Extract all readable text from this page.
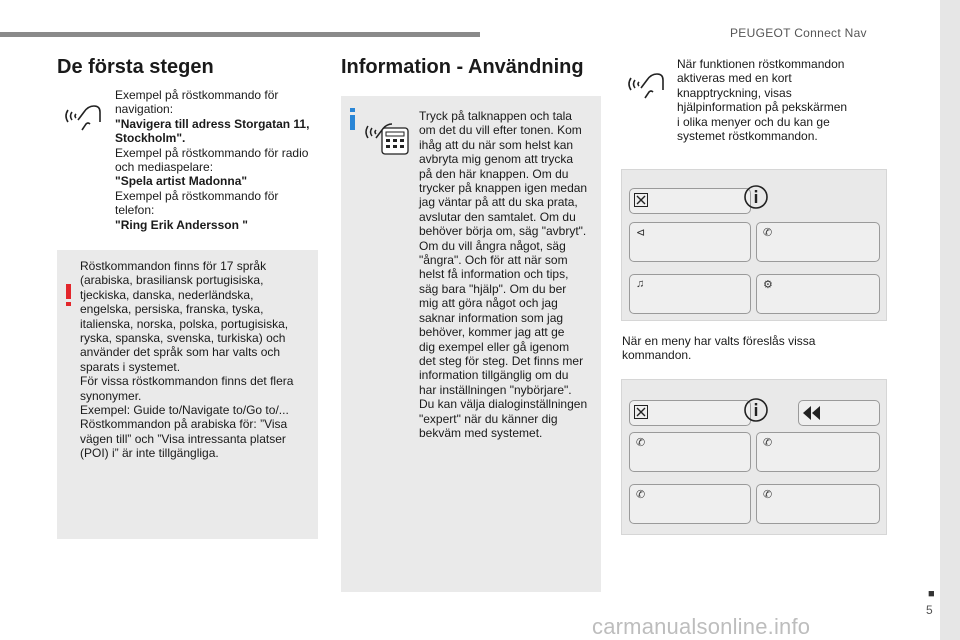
PEUGEOT Connect Nav
■
5
carmanualsonline.info
De första stegen
Exempel på röstkommando för navigation:
"Navigera till adress Storgatan 11, Stockholm".
Exempel på röstkommando för radio och mediaspelare:
"Spela artist Madonna"
Exempel på röstkommando för telefon:
"Ring Erik Andersson "
Röstkommandon finns för 17 språk
(arabiska, brasiliansk portugisiska,
tjeckiska, danska, nederländska,
engelska, persiska, franska, tyska,
italienska, norska, polska, portugisiska,
ryska, spanska, svenska, turkiska) och
använder det språk som har valts och
sparats i systemet.
För vissa röstkommandon finns det flera
synonymer.
Exempel: Guide to/Navigate to/Go to/...
Röstkommandon på arabiska för: ”Visa
vägen till” och ”Visa intressanta platser
(POI) i” är inte tillgängliga.
Information - Användning
Tryck på talknappen och tala
om det du vill efter tonen. Kom
ihåg att du när som helst kan
avbryta mig genom att trycka
på den här knappen. Om du
trycker på knappen igen medan
jag väntar på att du ska prata,
avslutar den samtalet. Om du
behöver börja om, säg "avbryt".
Om du vill ångra något, säg
"ångra". Och för att när som
helst få information och tips,
säg bara "hjälp". Om du ber
mig att göra något och jag
saknar information som jag
behöver, kommer jag att ge
dig exempel eller gå igenom
det steg för steg. Det finns mer
information tillgänglig om du
har inställningen "nybörjare".
Du kan välja dialoginställningen
"expert" när du känner dig
bekväm med systemet.
När funktionen röstkommandon
aktiveras med en kort
knapptryckning, visas
hjälpinformation på pekskärmen
i olika menyer och du kan ge
systemet röstkommandon.
⊲	✆
♫	⚙
När en meny har valts föreslås vissa
kommandon.
✆	✆
✆	✆
